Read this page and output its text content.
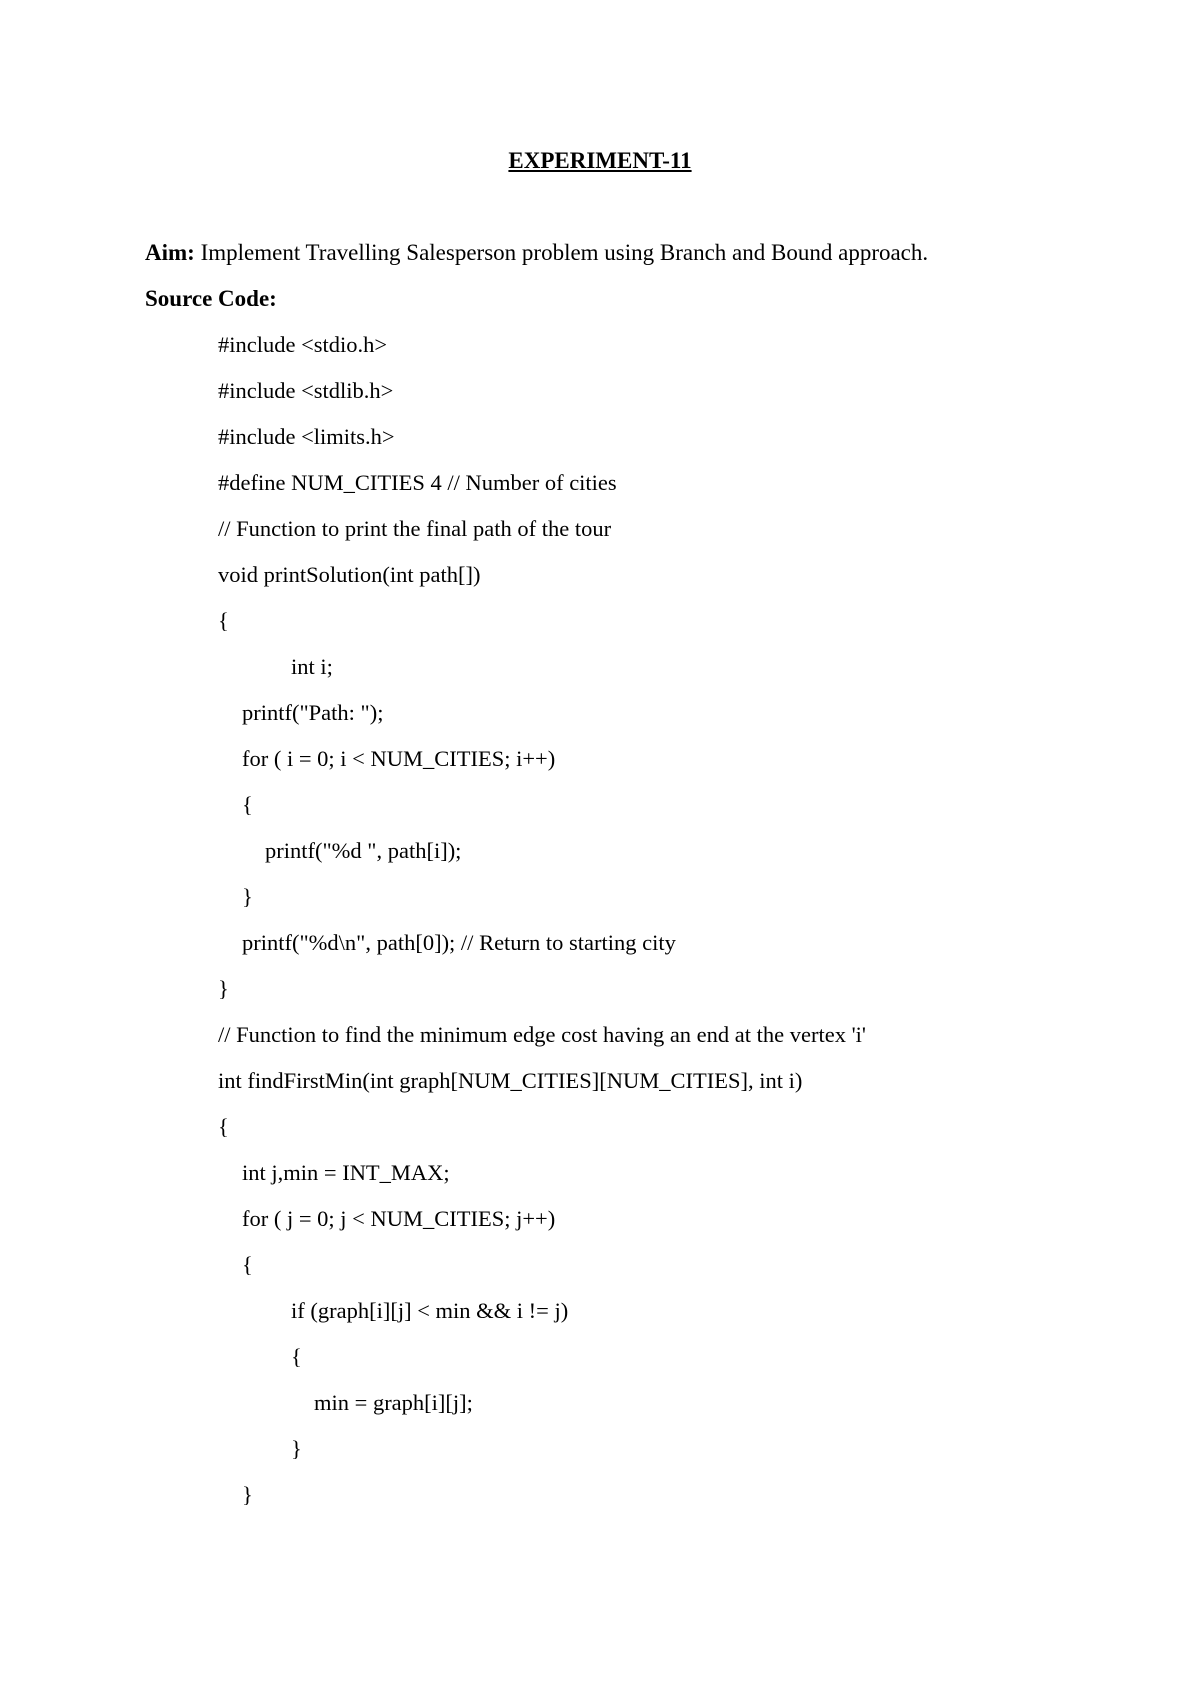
EXPERIMENT-11
Aim: Implement Travelling Salesperson problem using Branch and Bound approach.
Source Code:
#include <stdio.h>
#include <stdlib.h>
#include <limits.h>
#define NUM_CITIES 4 // Number of cities
// Function to print the final path of the tour
void printSolution(int path[])
{
int i;
printf("Path: ");
for ( i = 0; i < NUM_CITIES; i++)
{
printf("%d ", path[i]);
}
printf("%d\n", path[0]); // Return to starting city
}
// Function to find the minimum edge cost having an end at the vertex 'i'
int findFirstMin(int graph[NUM_CITIES][NUM_CITIES], int i)
{
int j,min = INT_MAX;
for ( j = 0; j < NUM_CITIES; j++)
{
if (graph[i][j] < min && i != j)
{
min = graph[i][j];
}
}
